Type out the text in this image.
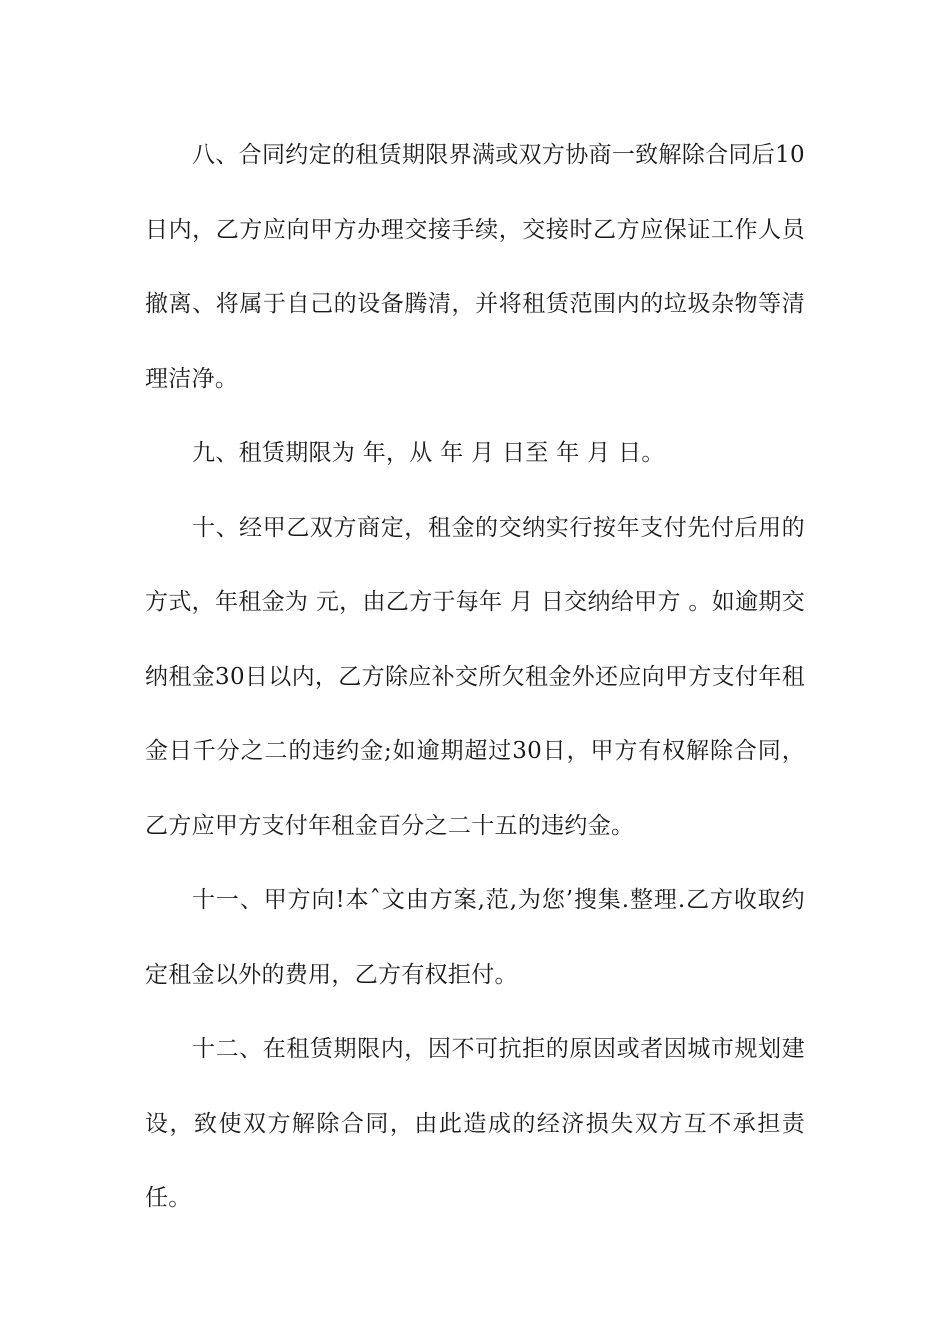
八、合同约定的租赁期限界满或双方协商一致解除合同后10日内，乙方应向甲方办理交接手续，交接时乙方应保证工作人员撤离、将属于自己的设备腾清，并将租赁范围内的垃圾杂物等清理洁净。

九、租赁期限为 年，从 年 月 日至 年 月 日。

十、经甲乙双方商定，租金的交纳实行按年支付先付后用的方式，年租金为 元，由乙方于每年 月 日交纳给甲方 。如逾期交纳租金30日以内，乙方除应补交所欠租金外还应向甲方支付年租金日千分之二的违约金;如逾期超过30日，甲方有权解除合同，乙方应甲方支付年租金百分之二十五的违约金。

十一、甲方向!本ˆ文由方案,范,为您’搜集.整理.乙方收取约定租金以外的费用，乙方有权拒付。

十二、在租赁期限内，因不可抗拒的原因或者因城市规划建设，致使双方解除合同，由此造成的经济损失双方互不承担责任。
